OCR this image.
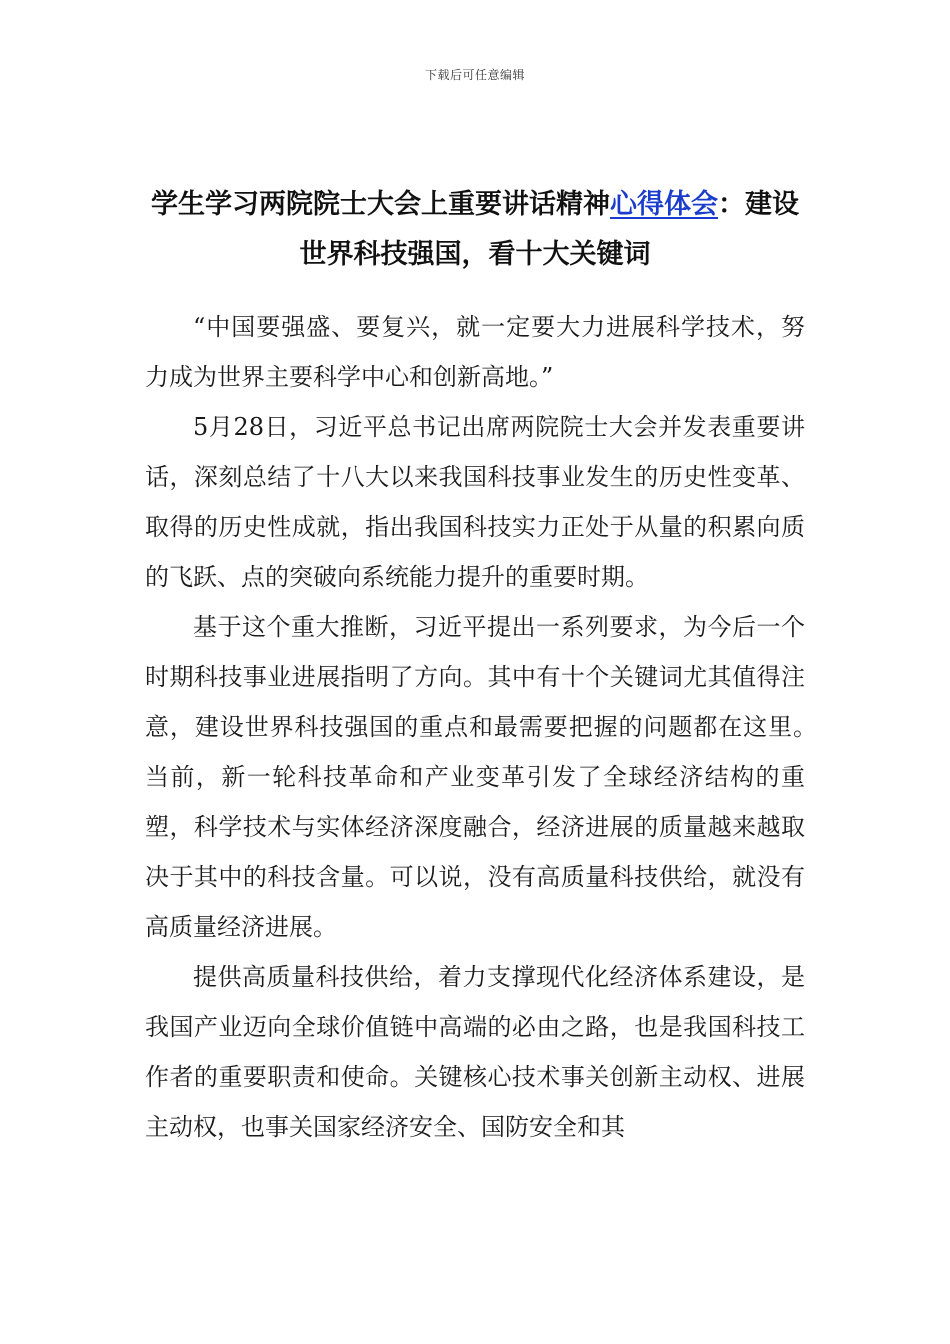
下载后可任意编辑
学生学习两院院士大会上重要讲话精神心得体会：建设世界科技强国，看十大关键词

“中国要强盛、要复兴，就一定要大力进展科学技术，努力成为世界主要科学中心和创新高地。”

5月28日，习近平总书记出席两院院士大会并发表重要讲话，深刻总结了十八大以来我国科技事业发生的历史性变革、取得的历史性成就，指出我国科技实力正处于从量的积累向质的飞跃、点的突破向系统能力提升的重要时期。

基于这个重大推断，习近平提出一系列要求，为今后一个时期科技事业进展指明了方向。其中有十个关键词尤其值得注意，建设世界科技强国的重点和最需要把握的问题都在这里。　当前，新一轮科技革命和产业变革引发了全球经济结构的重塑，科学技术与实体经济深度融合，经济进展的质量越来越取决于其中的科技含量。可以说，没有高质量科技供给，就没有高质量经济进展。

提供高质量科技供给，着力支撑现代化经济体系建设，是我国产业迈向全球价值链中高端的必由之路，也是我国科技工作者的重要职责和使命。关键核心技术事关创新主动权、进展主动权，也事关国家经济安全、国防安全和其
